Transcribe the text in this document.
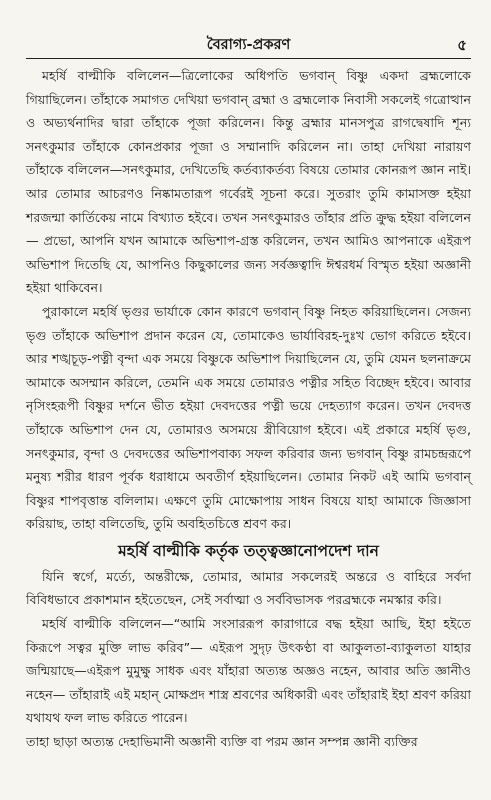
বৈরাগ্য-প্রকরণ	৫

মহর্ষি বাল্মীকি বলিলেন—ত্রিলোকের অধিপতি ভগবান্ বিষ্ণু একদা ব্রহ্মলোকে গিয়াছিলেন। তাঁহাকে সমাগত দেখিয়া ভগবান্ ব্রহ্মা ও ব্রহ্মলোক নিবাসী সকলেই গত্রোত্থান ও অভ্যর্থনাদির দ্বারা তাঁহাকে পূজা করিলেন। কিন্তু ব্রহ্মার মানসপুত্র রাগদ্বেষাদি শূন্য সনৎকুমার তাঁহাকে কোনপ্রকার পূজা ও সম্মানাদি করিলেন না। তাহা দেখিয়া নারায়ণ তাঁহাকে বলিলেন—সনৎকুমার, দেখিতেছি কর্তব্যাকর্তব্য বিষয়ে তোমার কোনরূপ জ্ঞান নাই। আর তোমার আচরণও নিষ্কামতারূপ গর্বেরই সূচনা করে। সুতরাং তুমি কামাসক্ত হইয়া শরজন্মা কার্তিকেয় নামে বিখ্যাত হইবে। তখন সনৎকুমারও তাঁহার প্রতি ক্রুদ্ধ হইয়া বলিলেন — প্রভো, আপনি যখন আমাকে অভিশাপ-গ্রস্ত করিলেন, তখন আমিও আপনাকে এইরূপ অভিশাপ দিতেছি যে, আপনিও কিছুকালের জন্য সর্বজ্ঞত্বাদি ঈশ্বরধর্ম বিস্মৃত হইয়া অজ্ঞানী হইয়া থাকিবেন।

পুরাকালে মহর্ষি ভৃগুর ভার্যাকে কোন কারণে ভগবান্ বিষ্ণু নিহত করিয়াছিলেন। সেজন্য ভৃগু তাঁহাকে অভিশাপ প্রদান করেন যে, তোমাকেও ভার্যাবিরহ-দুঃখ ভোগ করিতে হইবে। আর শঙ্খচূড়-পত্নী বৃন্দা এক সময়ে বিষ্ণুকে অভিশাপ দিয়াছিলেন যে, তুমি যেমন ছলনাক্রমে আমাকে অসম্মান করিলে, তেমনি এক সময়ে তোমারও পত্নীর সহিত বিচ্ছেদ হইবে। আবার নৃসিংহরূপী বিষ্ণুর দর্শনে ভীত হইয়া দেবদত্তের পত্নী ভয়ে দেহত্যাগ করেন। তখন দেবদত্ত তাঁহাকে অভিশাপ দেন যে, তোমারও অসময়ে স্ত্রীবিয়োগ হইবে। এই প্রকারে মহর্ষি ভৃগু, সনৎকুমার, বৃন্দা ও দেবদত্তের অভিশাপবাক্য সফল করিবার জন্য ভগবান্ বিষ্ণু রামচন্দ্ররূপে মনুষ্য শরীর ধারণ পূর্বক ধরাধামে অবতীর্ণ হইয়াছিলেন। তোমার নিকট এই আমি ভগবান্ বিষ্ণুর শাপবৃত্তান্ত বলিলাম। এক্ষণে তুমি মোক্ষোপায় সাধন বিষয়ে যাহা আমাকে জিজ্ঞাসা করিয়াছ, তাহা বলিতেছি, তুমি অবহিতচিত্তে শ্রবণ কর।

মহর্ষি বাল্মীকি কর্তৃক তত্ত্বজ্ঞানোপদেশ দান

যিনি স্বর্গে, মর্ত্যে, অন্তরীক্ষে, তোমার, আমার সকলেরই অন্তরে ও বাহিরে সর্বদা বিবিধভাবে প্রকাশমান হইতেছেন, সেই সর্বাত্মা ও সর্ববিভাসক পরব্রহ্মকে নমস্কার করি।

মহর্ষি বাল্মীকি বলিলেন—“আমি সংসাররূপ কারাগারে বদ্ধ হইয়া আছি, ইহা হইতে কিরূপে সত্বর মুক্তি লাভ করিব”— এইরূপ সুদৃঢ় উৎকণ্ঠা বা আকুলতা-ব্যাকুলতা যাহার জন্মিয়াছে—এইরূপ মুমুক্ষু সাধক এবং যাঁহারা অত্যন্ত অজ্ঞও নহেন, আবার অতি জ্ঞানীও নহেন— তাঁহারাই এই মহান্ মোক্ষপ্রদ শাস্ত্র শ্রবণের অধিকারী এবং তাঁহারাই ইহা শ্রবণ করিয়া যথাযথ ফল লাভ করিতে পারেন।

তাহা ছাড়া অত্যন্ত দেহাভিমানী অজ্ঞানী ব্যক্তি বা পরম জ্ঞান সম্পন্ন জ্ঞানী ব্যক্তির
